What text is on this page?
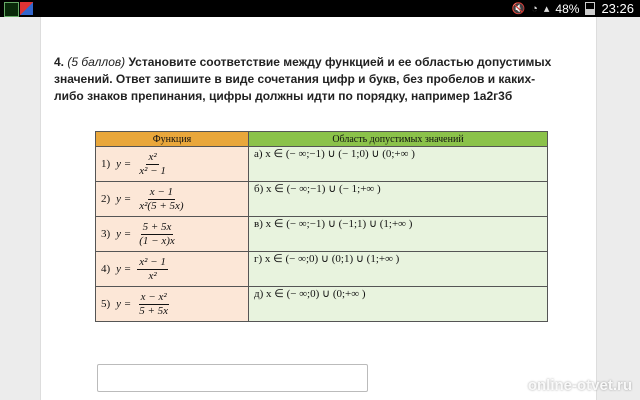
🔇 ◔ ▴ 48% 23:26
4. (5 баллов) Установите соответствие между функцией и ее областью допустимых значений. Ответ запишите в виде сочетания цифр и букв, без пробелов и каких-либо знаков препинания, цифры должны идти по порядку, например 1а2г3б
Функция	Область допустимых значений

1) $y = \frac{\text{x²}}{\text{x² − 1}}$	а) x ∈ (− ∞;−1) ∪ (− 1;0) ∪ (0;+∞ )

2) $y = \frac{x - 1}{\text{x²(5 + 5x)}}$	б) x ∈ (− ∞;−1) ∪ (− 1;+∞ )

3) $y = \frac{5 + 5x}{(1 - x)x}$	в) x ∈ (− ∞;−1) ∪ (−1;1) ∪ (1;+∞ )

4) $y = \frac{\text{x² − 1}}{\text{x²}}$	г) x ∈ (− ∞;0) ∪ (0;1) ∪ (1;+∞ )

5) $y = \frac{\text{x − x²}}{5 + 5x}$	д) x ∈ (− ∞;0) ∪ (0;+∞ )
online-otvet.ru
